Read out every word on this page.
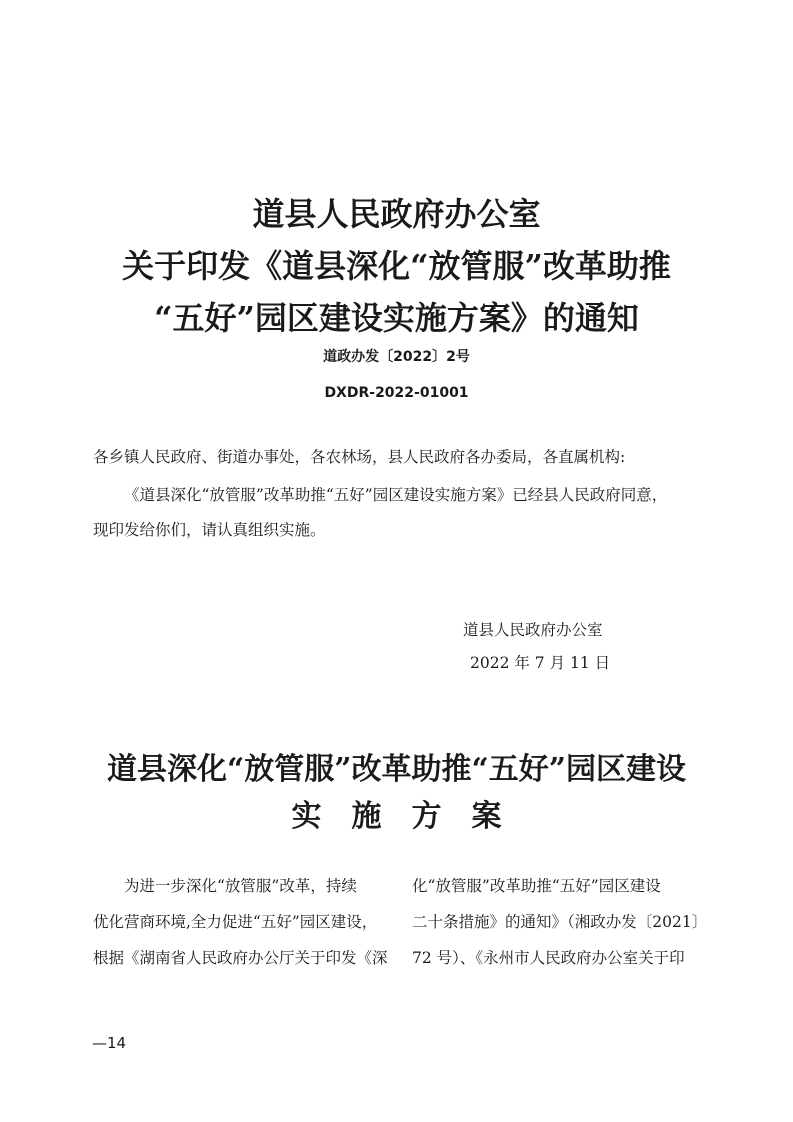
道县人民政府办公室
关于印发《道县深化“放管服”改革助推
“五好”园区建设实施方案》的通知
道政办发〔2022〕2号
DXDR-2022-01001
各乡镇人民政府、街道办事处，各农林场，县人民政府各办委局，各直属机构:
《道县深化“放管服”改革助推“五好”园区建设实施方案》已经县人民政府同意，
现印发给你们，请认真组织实施。
道县人民政府办公室
2022 年 7 月 11 日
道县深化“放管服”改革助推“五好”园区建设
实　施　方　案
　　为进一步深化“放管服”改革，持续
优化营商环境,全力促进“五好”园区建设，
根据《湖南省人民政府办公厅关于印发《深
化“放管服”改革助推“五好”园区建设
二十条措施》的通知》（湘政办发〔2021〕
72 号）、《永州市人民政府办公室关于印
—14
